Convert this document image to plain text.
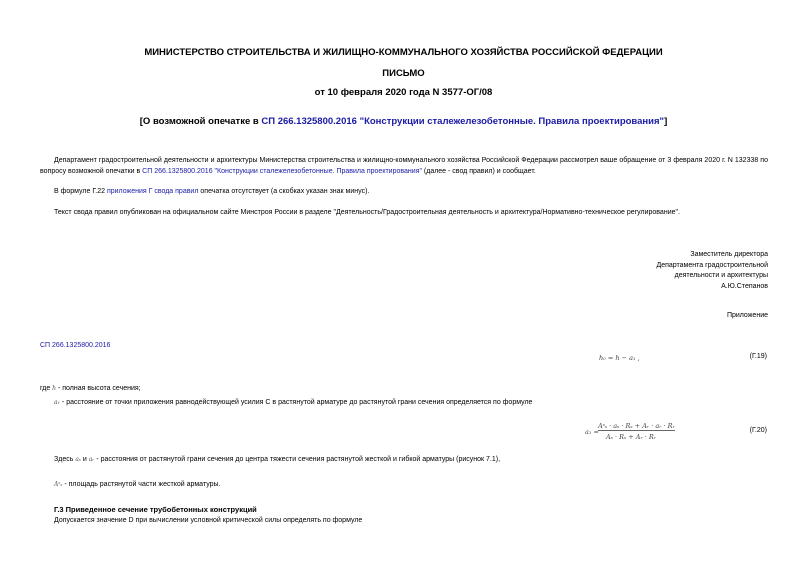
МИНИСТЕРСТВО СТРОИТЕЛЬСТВА И ЖИЛИЩНО-КОММУНАЛЬНОГО ХОЗЯЙСТВА РОССИЙСКОЙ ФЕДЕРАЦИИ
ПИСЬМО
от 10 февраля 2020 года N 3577-ОГ/08
[О возможной опечатке в СП 266.1325800.2016 "Конструкции сталежелезобетонные. Правила проектирования"]
Департамент градостроительной деятельности и архитектуры Министерства строительства и жилищно-коммунального хозяйства Российской Федерации рассмотрел ваше обращение от 3 февраля 2020 г. N 132338 по вопросу возможной опечатки в СП 266.1325800.2016 "Конструкции сталежелезобетонные. Правила проектирования" (далее - свод правил) и сообщает.
В формуле Г.22 приложения Г свода правил опечатка отсутствует (а скобках указан знак минус).
Текст свода правил опубликован на официальном сайте Минстроя России в разделе "Деятельность/Градостроительная деятельность и архитектура/Нормативно-техническое регулирование".
Заместитель директора
Департамента градостроительной
деятельности и архитектуры
А.Ю.Степанов
Приложение
СП 266.1325800.2016
h₀ = h − a₁ ,	(Г.19)
где h - полная высота сечения;
a₁ - расстояние от точки приложения равнодействующей усилия С в растянутой арматуре до растянутой грани сечения определяется по формуле
a₁ =
Aˢₛ · aₛ · Rₛ + Aᵣ · aᵣ · Rᵣ
Aₛ · Rₛ + Aᵣ · Rᵣ
(Г.20)
Здесь aₛ и aᵣ - расстояния от растянутой грани сечения до центра тяжести сечения растянутой жесткой и гибкой арматуры (рисунок 7.1),
Aˢₛ - площадь растянутой части жесткой арматуры.
Г.3 Приведенное сечение трубобетонных конструкций
Допускается значение D при вычислении условной критической силы определять по формуле
